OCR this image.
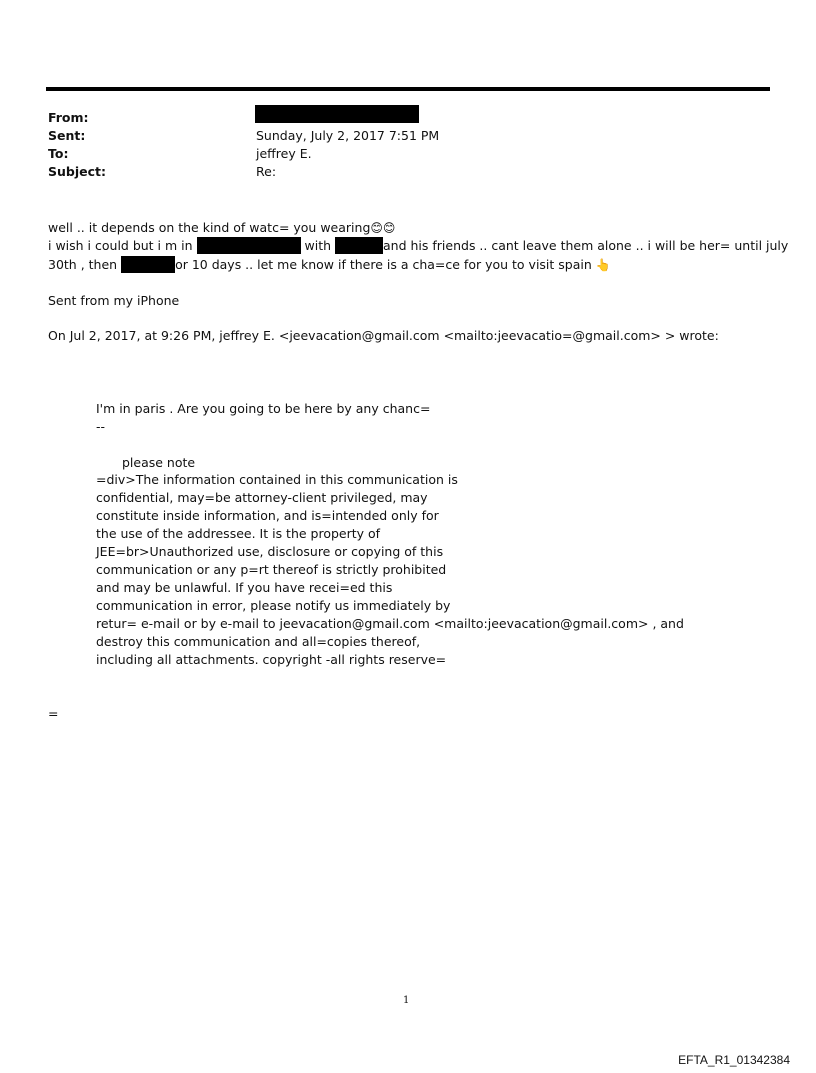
From:
Sent:	Sunday, July 2, 2017 7:51 PM
To:	jeffrey E.
Subject:	Re:
well .. it depends on the kind of watc= you wearing😊😊
i wish i could but i m in	with	and his friends .. cant leave them alone .. i will be her= until july
30th , then	or 10 days .. let me know if there is a cha=ce for you to visit spain 👆
Sent from my iPhone
On Jul 2, 2017, at 9:26 PM, jeffrey E. <jeevacation@gmail.com <mailto:jeevacatio=@gmail.com> > wrote:
I'm in paris . Are you going to be here by any chanc=
--
please note
=div>The information contained in this communication is
confidential, may=be attorney-client privileged, may
constitute inside information, and is=intended only for
the use of the addressee. It is the property of
JEE=br>Unauthorized use, disclosure or copying of this
communication or any p=rt thereof is strictly prohibited
and may be unlawful. If you have recei=ed this
communication in error, please notify us immediately by
retur= e-mail or by e-mail to jeevacation@gmail.com <mailto:jeevacation@gmail.com> , and
destroy this communication and all=copies thereof,
including all attachments. copyright -all rights reserve=
=
1
EFTA_R1_01342384
